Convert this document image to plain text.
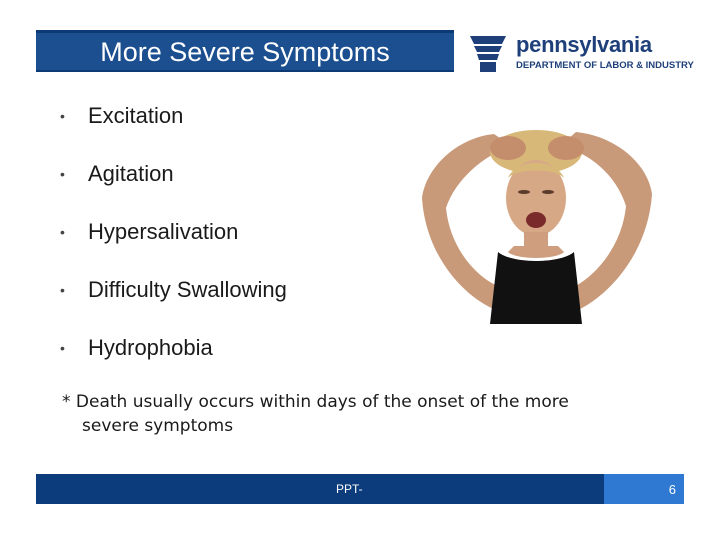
More Severe Symptoms	pennsylvania
DEPARTMENT OF LABOR & INDUSTRY
• Excitation
• Agitation
• Hypersalivation
• Difficulty Swallowing
• Hydrophobia
* Death usually occurs within days of the onset of the more
severe symptoms
PPT-	6
